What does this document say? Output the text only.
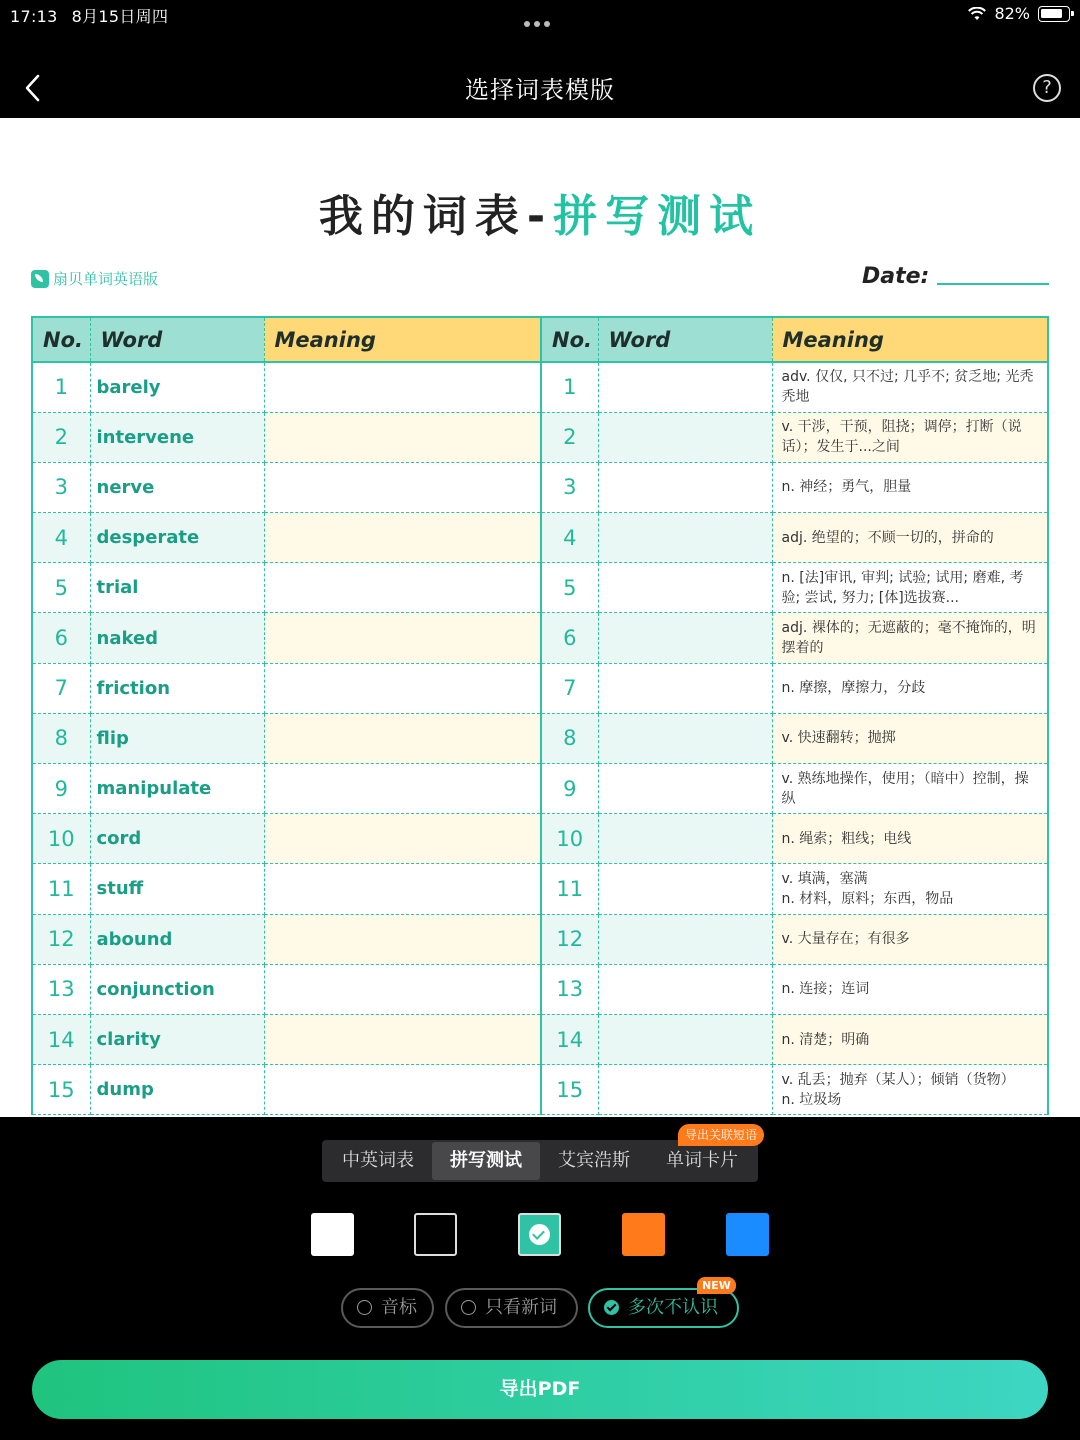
17:13 8月15日周四	82%
选择词表模版	?
我的词表-拼写测试
扇贝单词英语版	Date:
No.	Word	Meaning	No.	Word	Meaning
1	barely		1		adv. 仅仅, 只不过; 几乎不; 贫乏地; 光秃秃地
2	intervene		2		v. 干涉，干预，阻挠；调停；打断（说话）；发生于...之间
3	nerve		3		n. 神经；勇气，胆量
4	desperate		4		adj. 绝望的；不顾一切的，拼命的
5	trial		5		n. [法]审讯, 审判; 试验; 试用; 磨难, 考验; 尝试, 努力; [体]选拔赛...
6	naked		6		adj. 裸体的；无遮蔽的；毫不掩饰的，明摆着的
7	friction		7		n. 摩擦，摩擦力，分歧
8	flip		8		v. 快速翻转；抛掷
9	manipulate		9		v. 熟练地操作，使用；（暗中）控制，操纵
10	cord		10		n. 绳索；粗线；电线
11	stuff		11		v. 填满，塞满
n. 材料，原料；东西，物品
12	abound		12		v. 大量存在；有很多
13	conjunction		13		n. 连接；连词
14	clarity		14		n. 清楚；明确
15	dump		15		v. 乱丢；抛弃（某人）；倾销（货物）
n. 垃圾场
中英词表	拼写测试	艾宾浩斯	单词卡片
导出关联短语
音标	只看新词	多次不认识
NEW
导出PDF
